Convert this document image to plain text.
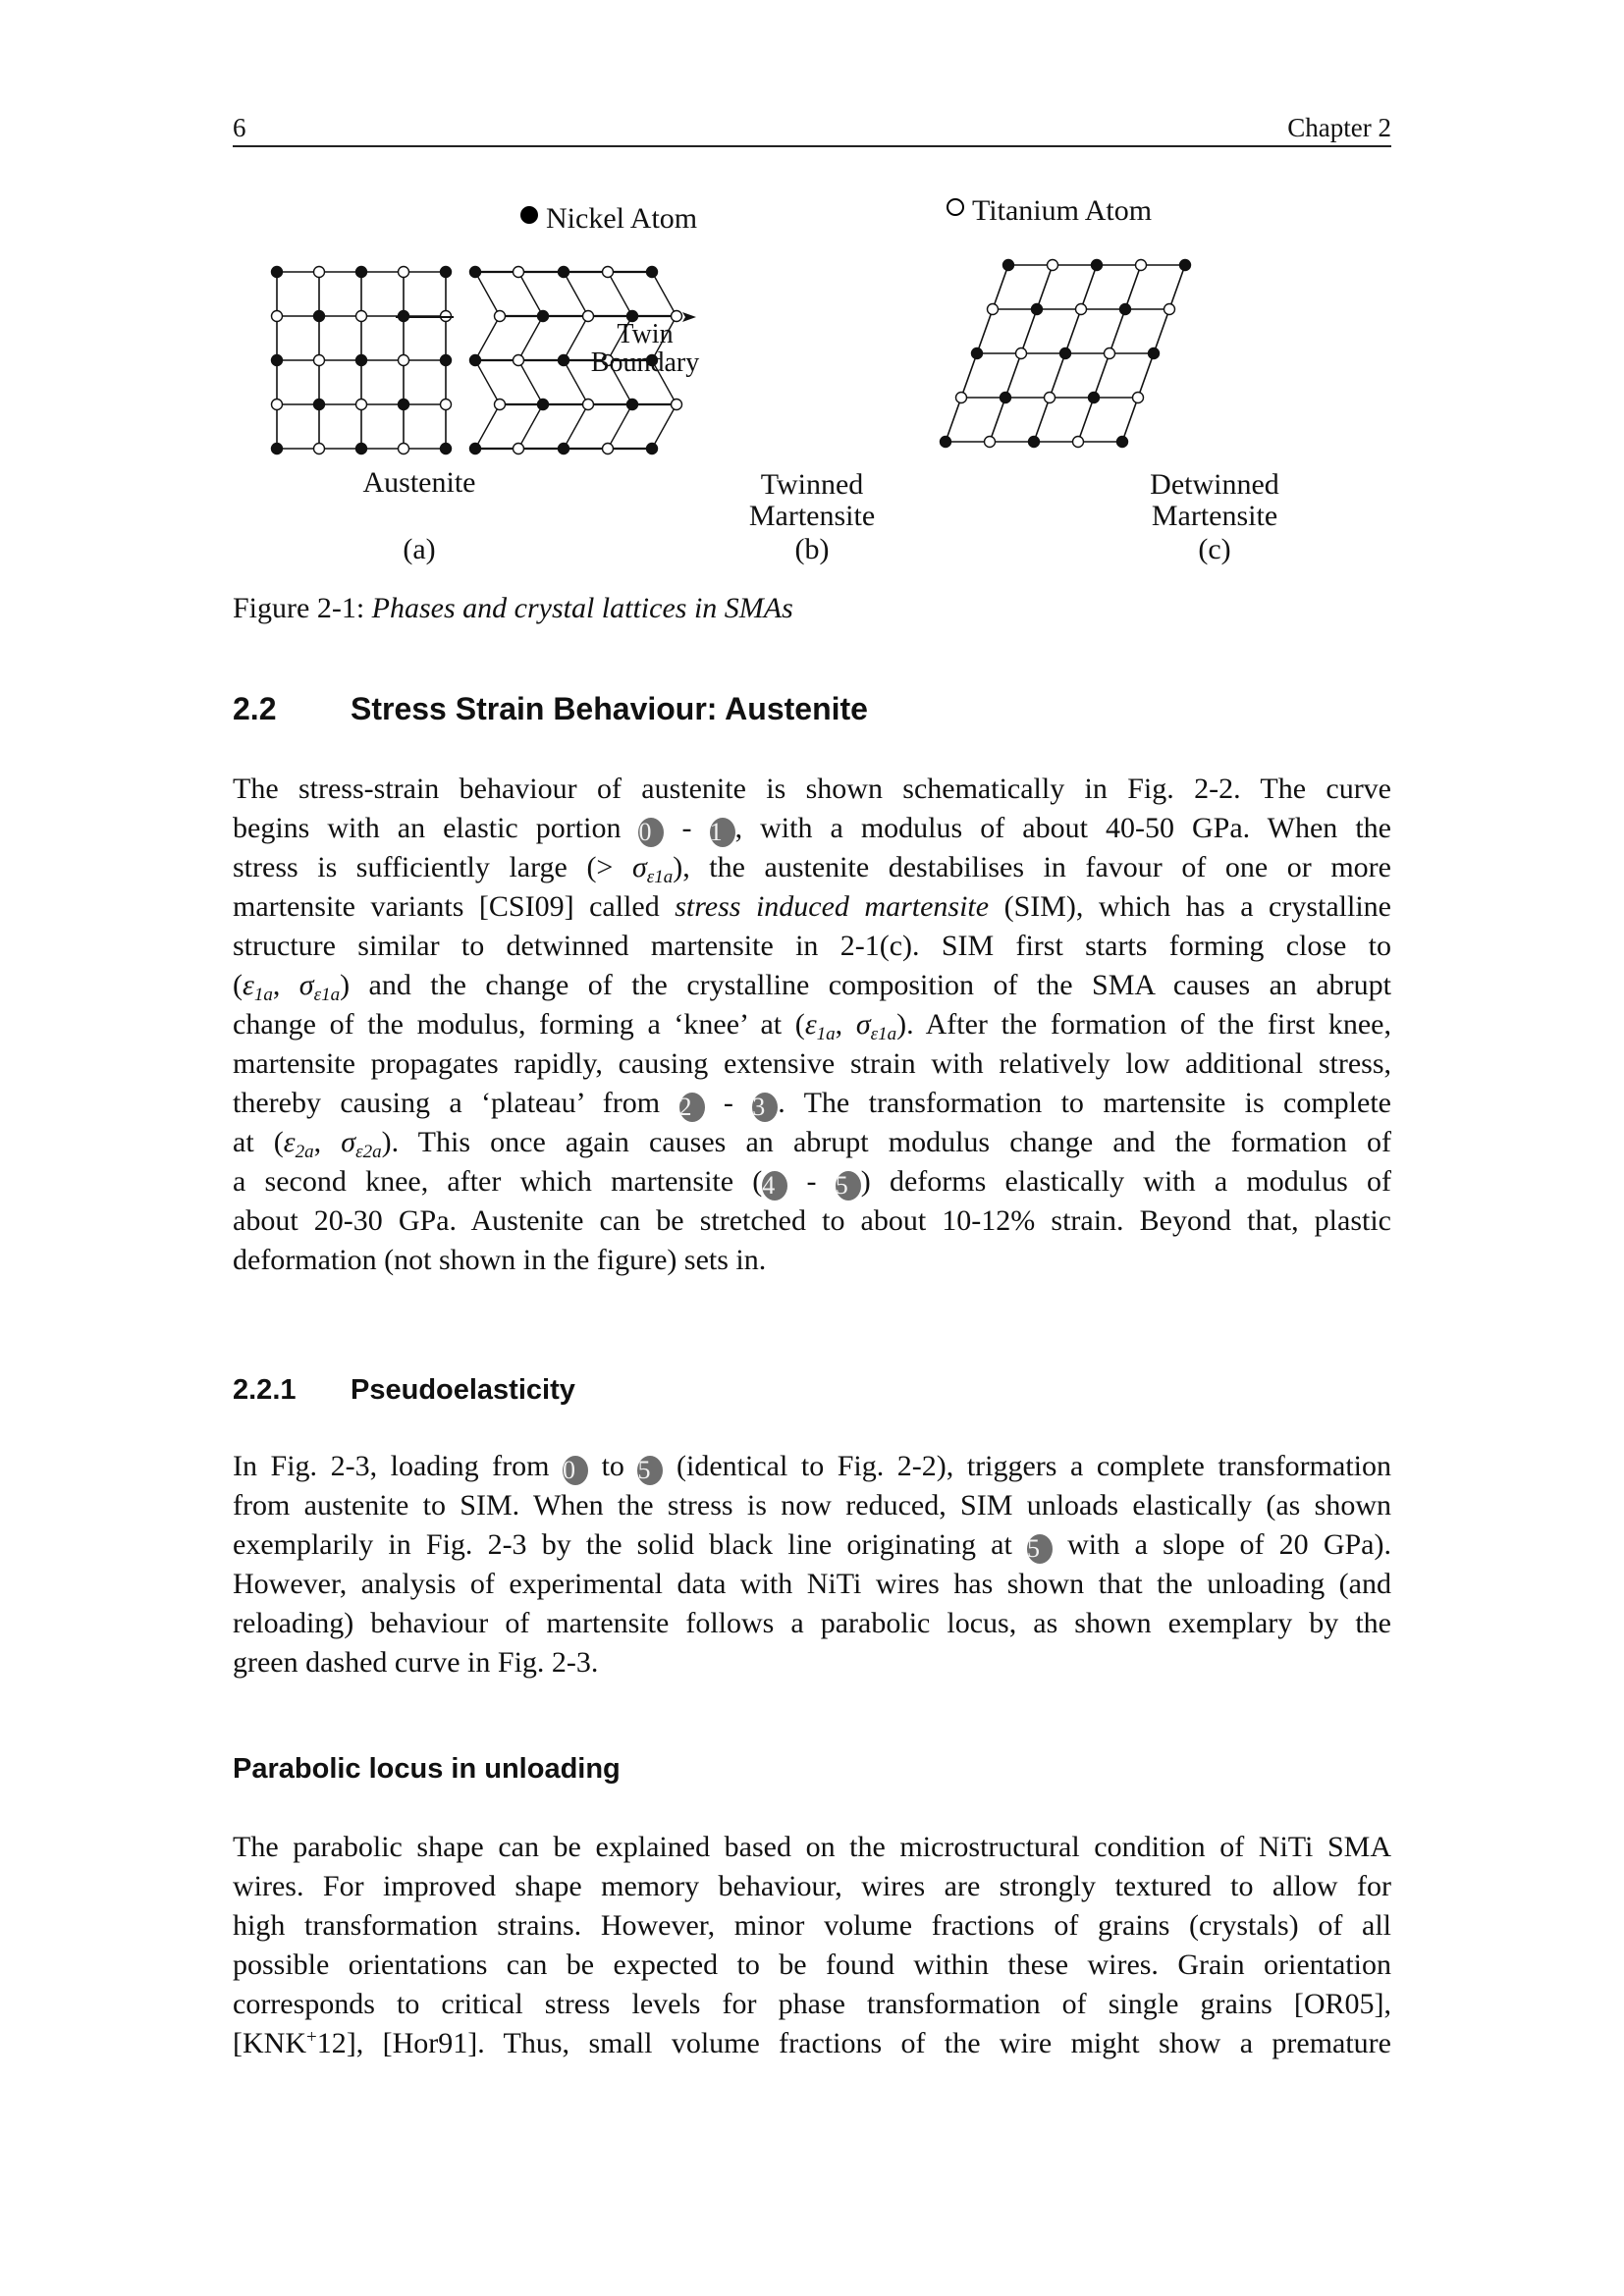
6	Chapter 2
Nickel Atom	Titanium Atom
Austenite
(a)
Twin
Boundary
Twinned
Martensite
(b)
Detwinned
Martensite
(c)
Figure 2-1: Phases and crystal lattices in SMAs
2.2 Stress Strain Behaviour: Austenite
The stress-strain behaviour of austenite is shown schematically in Fig. 2-2. The curve
begins with an elastic portion 0 - 1 , with a modulus of about 40-50 GPa. When the
stress is sufficiently large (> $\sigma_{\varepsilon 1a}$), the austenite destabilises in favour of one or more
martensite variants [CSI09] called stress induced martensite (SIM), which has a crystalline
structure similar to detwinned martensite in 2-1(c). SIM first starts forming close to
($\varepsilon_{1a}$, $\sigma_{\varepsilon 1a}$) and the change of the crystalline composition of the SMA causes an abrupt
change of the modulus, forming a ‘knee’ at ($\varepsilon_{1a}$, $\sigma_{\varepsilon 1a}$). After the formation of the first knee,
martensite propagates rapidly, causing extensive strain with relatively low additional stress,
thereby causing a ‘plateau’ from 2 - 3 . The transformation to martensite is complete
at ($\varepsilon_{2a}$, $\sigma_{\varepsilon 2a}$). This once again causes an abrupt modulus change and the formation of
a second knee, after which martensite (4 - 5 ) deforms elastically with a modulus of
about 20-30 GPa. Austenite can be stretched to about 10-12% strain. Beyond that, plastic
deformation (not shown in the figure) sets in.
2.2.1 Pseudoelasticity
In Fig. 2-3, loading from 0 to 5 (identical to Fig. 2-2), triggers a complete transformation
from austenite to SIM. When the stress is now reduced, SIM unloads elastically (as shown
exemplarily in Fig. 2-3 by the solid black line originating at 5 with a slope of 20 GPa).
However, analysis of experimental data with NiTi wires has shown that the unloading (and
reloading) behaviour of martensite follows a parabolic locus, as shown exemplary by the
green dashed curve in Fig. 2-3.
Parabolic locus in unloading
The parabolic shape can be explained based on the microstructural condition of NiTi SMA
wires. For improved shape memory behaviour, wires are strongly textured to allow for
high transformation strains. However, minor volume fractions of grains (crystals) of all
possible orientations can be expected to be found within these wires. Grain orientation
corresponds to critical stress levels for phase transformation of single grains [OR05],
[KNK+12], [Hor91]. Thus, small volume fractions of the wire might show a premature
